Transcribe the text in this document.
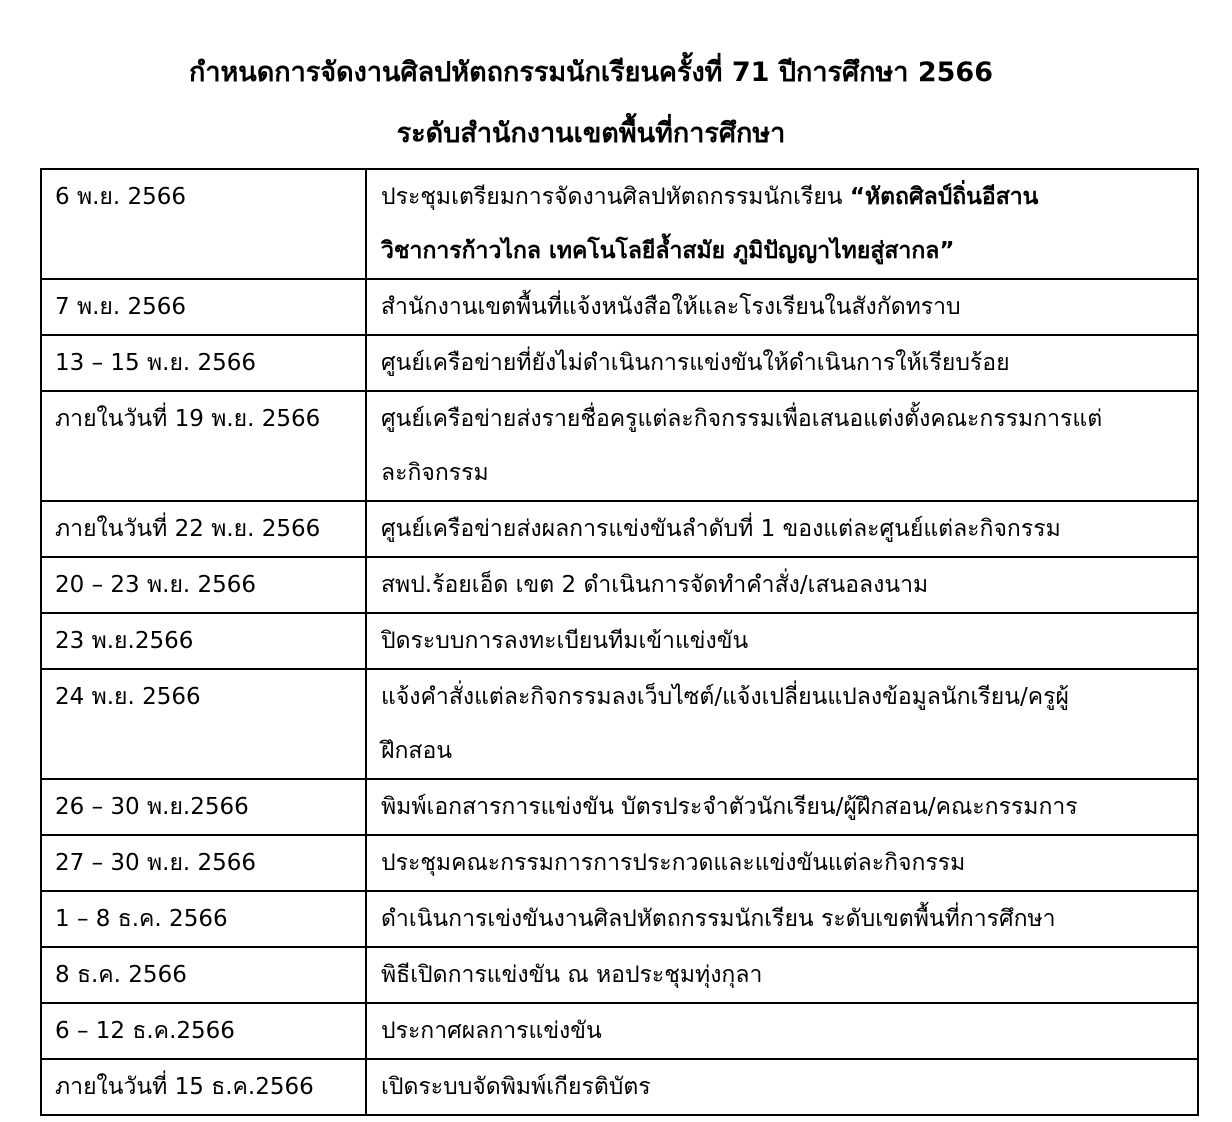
กำหนดการจัดงานศิลปหัตถกรรมนักเรียนครั้งที่ 71 ปีการศึกษา 2566
ระดับสำนักงานเขตพื้นที่การศึกษา
6 พ.ย. 2566	ประชุมเตรียมการจัดงานศิลปหัตถกรรมนักเรียน “หัตถศิลป์ถิ่นอีสาน
วิชาการก้าวไกล เทคโนโลยีล้ำสมัย ภูมิปัญญาไทยสู่สากล”

7 พ.ย. 2566	สำนักงานเขตพื้นที่แจ้งหนังสือให้และโรงเรียนในสังกัดทราบ

13 – 15 พ.ย. 2566	ศูนย์เครือข่ายที่ยังไม่ดำเนินการแข่งขันให้ดำเนินการให้เรียบร้อย

ภายในวันที่ 19 พ.ย. 2566	ศูนย์เครือข่ายส่งรายชื่อครูแต่ละกิจกรรมเพื่อเสนอแต่งตั้งคณะกรรมการแต่
ละกิจกรรม

ภายในวันที่ 22 พ.ย. 2566	ศูนย์เครือข่ายส่งผลการแข่งขันลำดับที่ 1 ของแต่ละศูนย์แต่ละกิจกรรม

20 – 23 พ.ย. 2566	สพป.ร้อยเอ็ด เขต 2 ดำเนินการจัดทำคำสั่ง/เสนอลงนาม

23 พ.ย.2566	ปิดระบบการลงทะเบียนทีมเข้าแข่งขัน

24 พ.ย. 2566	แจ้งคำสั่งแต่ละกิจกรรมลงเว็บไซต์/แจ้งเปลี่ยนแปลงข้อมูลนักเรียน/ครูผู้
ฝึกสอน

26 – 30 พ.ย.2566	พิมพ์เอกสารการแข่งขัน บัตรประจำตัวนักเรียน/ผู้ฝึกสอน/คณะกรรมการ

27 – 30 พ.ย. 2566	ประชุมคณะกรรมการการประกวดและแข่งขันแต่ละกิจกรรม

1 – 8 ธ.ค. 2566	ดำเนินการเข่งขันงานศิลปหัตถกรรมนักเรียน ระดับเขตพื้นที่การศึกษา

8 ธ.ค. 2566	พิธีเปิดการแข่งขัน ณ หอประชุมทุ่งกุลา

6 – 12 ธ.ค.2566	ประกาศผลการแข่งขัน

ภายในวันที่ 15 ธ.ค.2566	เปิดระบบจัดพิมพ์เกียรติบัตร
